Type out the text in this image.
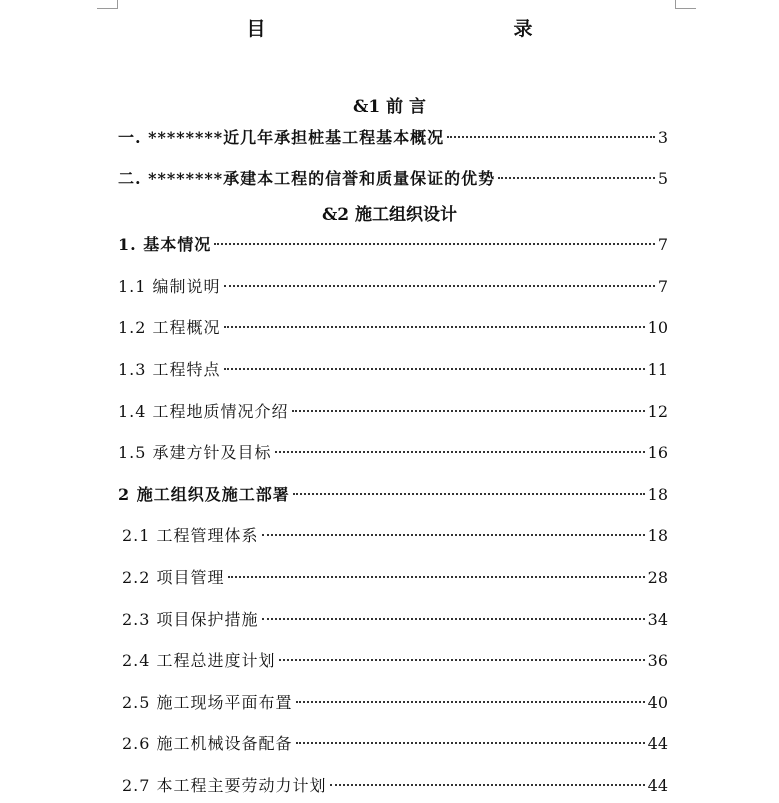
目　　录
&1 前 言
一. ********近几年承担桩基工程基本概况	3
二. ********承建本工程的信誉和质量保证的优势	5
&2 施工组织设计
1. 基本情况	7
1.1 编制说明	7
1.2 工程概况	10
1.3 工程特点	11
1.4 工程地质情况介绍	12
1.5 承建方针及目标	16
2 施工组织及施工部署	18
2.1 工程管理体系	18
2.2 项目管理	28
2.3 项目保护措施	34
2.4 工程总进度计划	36
2.5 施工现场平面布置	40
2.6 施工机械设备配备	44
2.7 本工程主要劳动力计划	44
